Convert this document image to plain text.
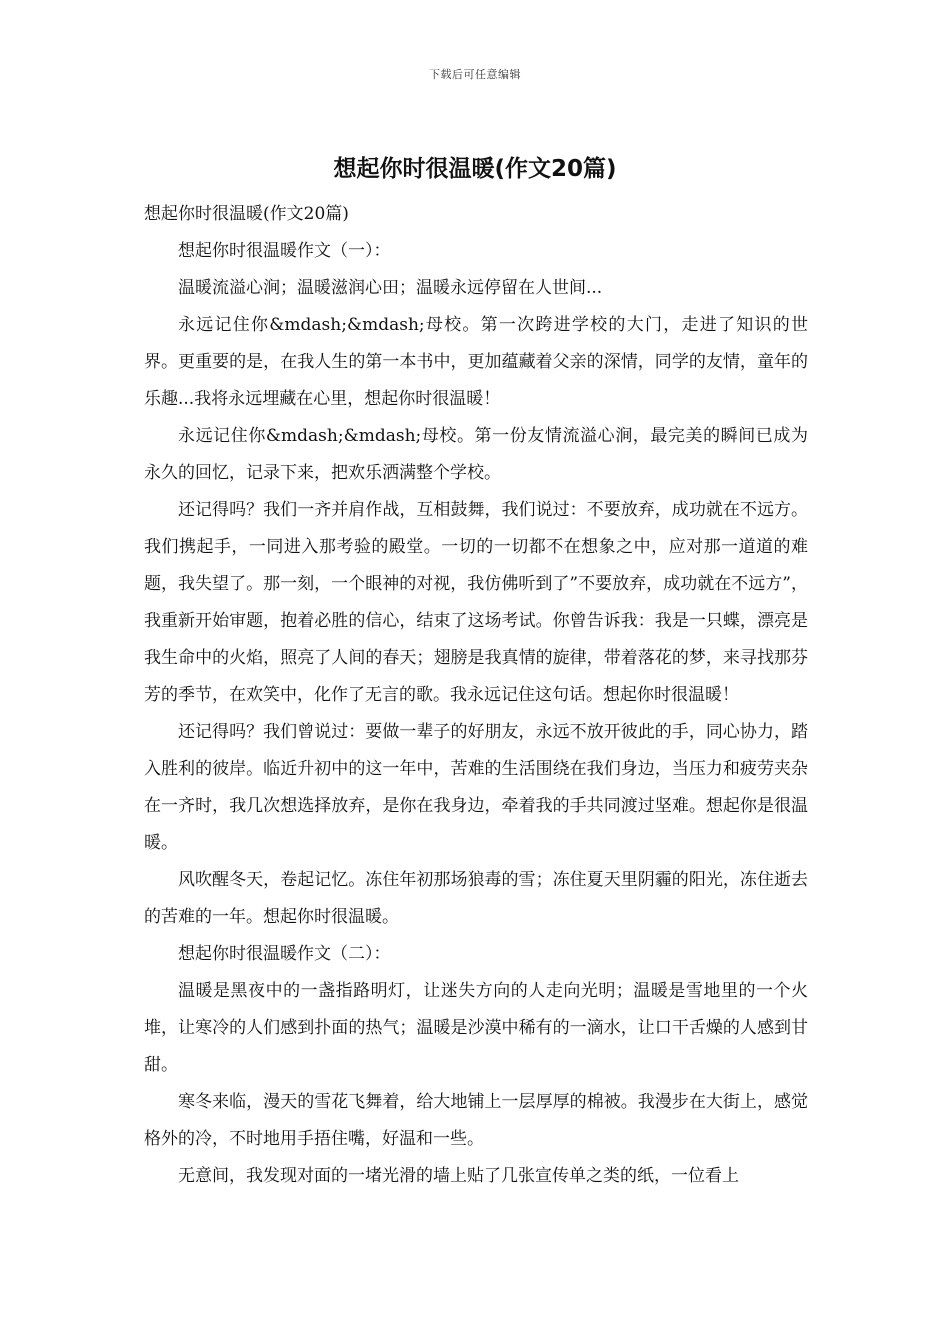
下载后可任意编辑
想起你时很温暖(作文20篇)

想起你时很温暖(作文20篇)

想起你时很温暖作文（一）：

温暖流溢心涧；温暖滋润心田；温暖永远停留在人世间...

永远记住你&mdash;&mdash;母校。第一次跨进学校的大门，走进了知识的世界。更重要的是，在我人生的第一本书中，更加蕴藏着父亲的深情，同学的友情，童年的乐趣...我将永远埋藏在心里，想起你时很温暖！

永远记住你&mdash;&mdash;母校。第一份友情流溢心涧，最完美的瞬间已成为永久的回忆，记录下来，把欢乐洒满整个学校。

还记得吗？我们一齐并肩作战，互相鼓舞，我们说过：不要放弃，成功就在不远方。我们携起手，一同进入那考验的殿堂。一切的一切都不在想象之中，应对那一道道的难题，我失望了。那一刻，一个眼神的对视，我仿佛听到了”不要放弃，成功就在不远方”，我重新开始审题，抱着必胜的信心，结束了这场考试。你曾告诉我：我是一只蝶，漂亮是我生命中的火焰，照亮了人间的春天；翅膀是我真情的旋律，带着落花的梦，来寻找那芬芳的季节，在欢笑中，化作了无言的歌。我永远记住这句话。想起你时很温暖！

还记得吗？我们曾说过：要做一辈子的好朋友，永远不放开彼此的手，同心协力，踏入胜利的彼岸。临近升初中的这一年中，苦难的生活围绕在我们身边，当压力和疲劳夹杂在一齐时，我几次想选择放弃，是你在我身边，牵着我的手共同渡过坚难。想起你是很温暖。

风吹醒冬天，卷起记忆。冻住年初那场狼毒的雪；冻住夏天里阴霾的阳光，冻住逝去的苦难的一年。想起你时很温暖。

想起你时很温暖作文（二）：

温暖是黑夜中的一盏指路明灯，让迷失方向的人走向光明；温暖是雪地里的一个火堆，让寒冷的人们感到扑面的热气；温暖是沙漠中稀有的一滴水，让口干舌燥的人感到甘甜。

寒冬来临，漫天的雪花飞舞着，给大地铺上一层厚厚的棉被。我漫步在大街上，感觉格外的冷，不时地用手捂住嘴，好温和一些。

无意间，我发现对面的一堵光滑的墙上贴了几张宣传单之类的纸，一位看上
